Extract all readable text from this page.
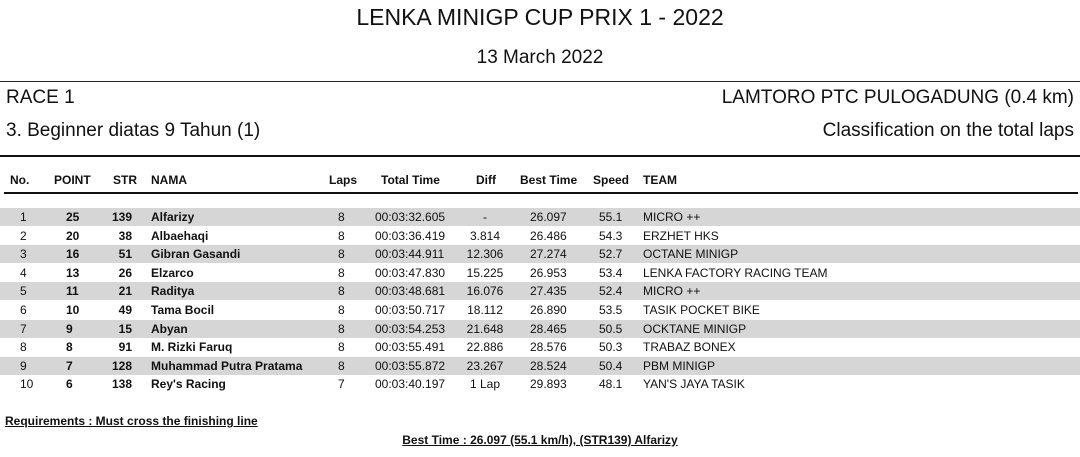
LENKA MINIGP CUP PRIX 1 - 2022
13 March 2022
RACE 1	LAMTORO PTC PULOGADUNG (0.4 km)
3. Beginner diatas 9 Tahun (1)	Classification on the total laps
No. POINT STR NAMA	Laps Total Time	Diff Best Time Speed TEAM
1	25	139 Alfarizy	8	00:03:32.605	-	26.097	55.1 MICRO ++
2	20	38 Albaehaqi	8	00:03:36.419	3.814	26.486	54.3 ERZHET HKS
3	16	51 Gibran Gasandi	8	00:03:44.911	12.306	27.274	52.7 OCTANE MINIGP
4	13	26 Elzarco	8	00:03:47.830	15.225	26.953	53.4 LENKA FACTORY RACING TEAM
5	11	21 Raditya	8	00:03:48.681	16.076	27.435	52.4 MICRO ++
6	10	49 Tama Bocil	8	00:03:50.717	18.112	26.890	53.5 TASIK POCKET BIKE
7	9	15 Abyan	8	00:03:54.253	21.648	28.465	50.5 OCKTANE MINIGP
8	8	91 M. Rizki Faruq	8	00:03:55.491	22.886	28.576	50.3 TRABAZ BONEX
9	7	128 Muhammad Putra Pratama	8	00:03:55.872	23.267	28.524	50.4 PBM MINIGP
10	6	138 Rey's Racing	7	00:03:40.197	1 Lap	29.893	48.1 YAN'S JAYA TASIK
Requirements : Must cross the finishing line
Best Time : 26.097 (55.1 km/h), (STR139) Alfarizy
